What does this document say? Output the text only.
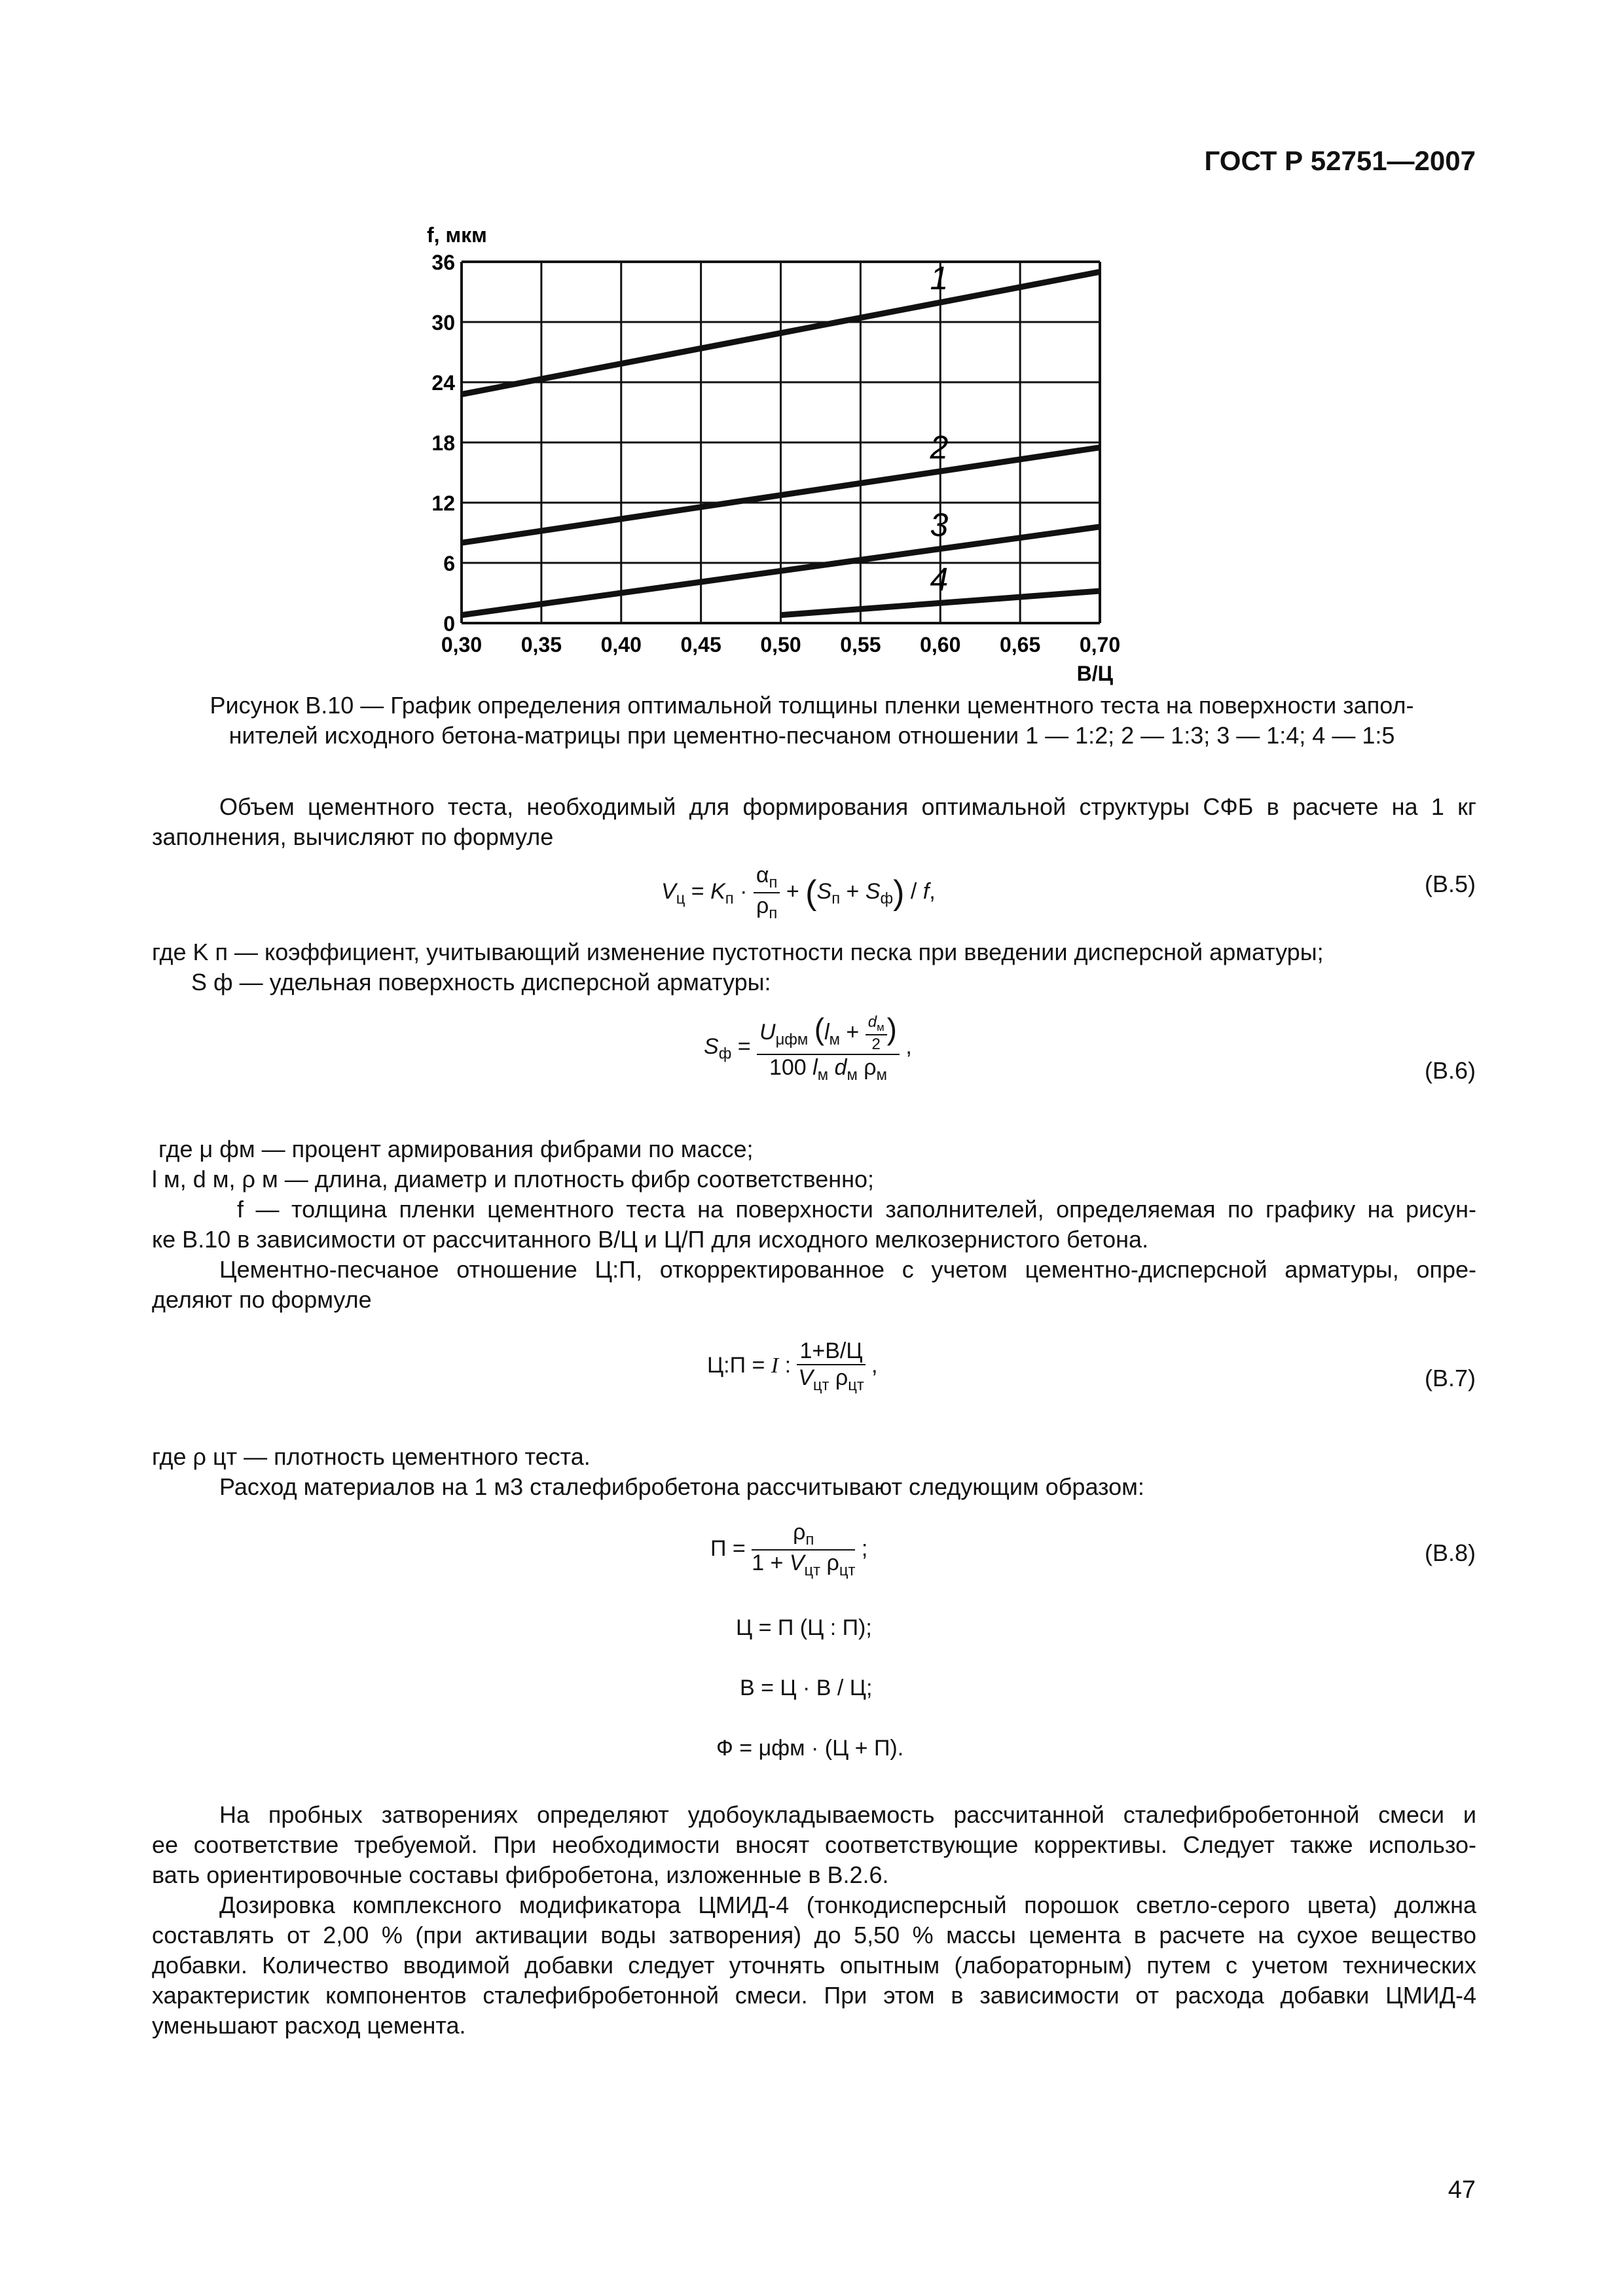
ГОСТ Р 52751—2007
1
2
3
4
0,30 0,35 0,40 0,45 0,50 0,55 0,60 0,65 0,70
0
6
12
18
24
30
36
f, мкм
В/Ц
Рисунок В.10 — График определения оптимальной толщины пленки цементного теста на поверхности запол-
нителей исходного бетона-матрицы при цементно-песчаном отношении 1 — 1:2; 2 — 1:3; 3 — 1:4; 4 — 1:5
Объем цементного теста, необходимый для формирования оптимальной структуры СФБ в расчете на 1 кг
заполнения, вычисляют по формуле
$V_ц = K_п \cdot \frac{\alpha_п}{\rho_п} + (S_п + S_ф) / f$,	(В.5)
где K п — коэффициент, учитывающий изменение пустотности песка при введении дисперсной арматуры;
S ф — удельная поверхность дисперсной арматуры:
$S_ф = \frac{U_{\mu фм} (l_м + \frac{d_м}{2} )}{100 l_м d_м \rho_м}$ ,
(В.6)
где μ фм — процент армирования фибрами по массе;
l м, d м, ρ м — длина, диаметр и плотность фибр соответственно;
f — толщина пленки цементного теста на поверхности заполнителей, определяемая по графику на рисун-
ке В.10 в зависимости от рассчитанного В/Ц и Ц/П для исходного мелкозернистого бетона.
Цементно-песчаное отношение Ц:П, откорректированное с учетом цементно-дисперсной арматуры, опре-
деляют по формуле
Ц:П = I : $\frac{1+В/Ц}{V_{цт} \rho_{цт}}$ ,	(В.7)
где ρ цт — плотность цементного теста.
Расход материалов на 1 м3 сталефибробетона рассчитывают следующим образом:
$П = \frac{\rho_п}{1 + V_{цт} \rho_{цт}}$ ;	(В.8)
Ц = П (Ц : П);
В = Ц · В / Ц;
Ф = μфм · (Ц + П).
На пробных затворениях определяют удобоукладываемость рассчитанной сталефибробетонной смеси и
ее соответствие требуемой. При необходимости вносят соответствующие коррективы. Следует также использо-
вать ориентировочные составы фибробетона, изложенные в В.2.6.
Дозировка комплексного модификатора ЦМИД-4 (тонкодисперсный порошок светло-серого цвета) должна
составлять от 2,00 % (при активации воды затворения) до 5,50 % массы цемента в расчете на сухое вещество
добавки. Количество вводимой добавки следует уточнять опытным (лабораторным) путем с учетом технических
характеристик компонентов сталефибробетонной смеси. При этом в зависимости от расхода добавки ЦМИД-4
уменьшают расход цемента.
47
